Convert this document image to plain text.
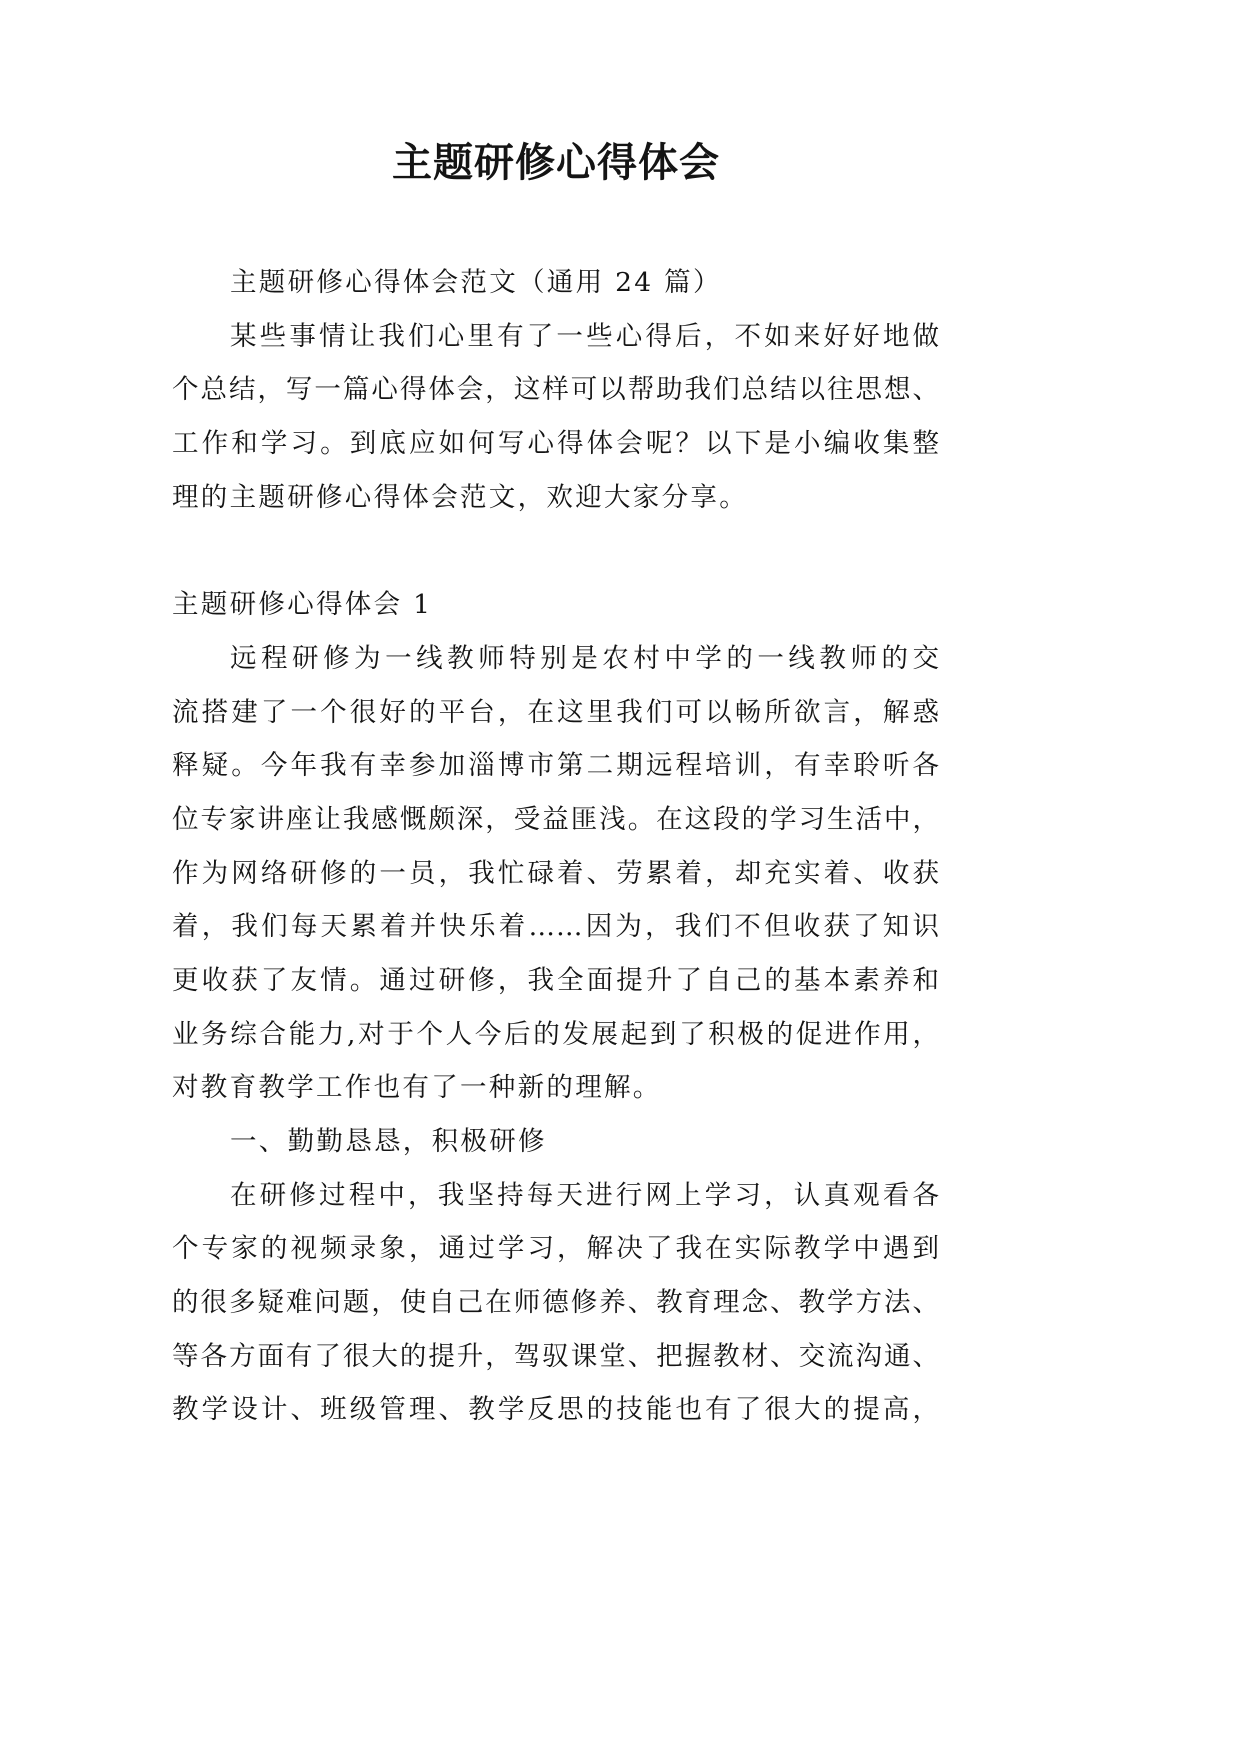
主题研修心得体会
主题研修心得体会范文（通用 24 篇）
某些事情让我们心里有了一些心得后，不如来好好地做
个总结，写一篇心得体会，这样可以帮助我们总结以往思想、
工作和学习。到底应如何写心得体会呢？以下是小编收集整
理的主题研修心得体会范文，欢迎大家分享。
主题研修心得体会 1
远程研修为一线教师特别是农村中学的一线教师的交
流搭建了一个很好的平台，在这里我们可以畅所欲言，解惑
释疑。今年我有幸参加淄博市第二期远程培训，有幸聆听各
位专家讲座让我感慨颇深，受益匪浅。在这段的学习生活中，
作为网络研修的一员，我忙碌着、劳累着，却充实着、收获
着，我们每天累着并快乐着……因为，我们不但收获了知识
更收获了友情。通过研修，我全面提升了自己的基本素养和
业务综合能力,对于个人今后的发展起到了积极的促进作用，
对教育教学工作也有了一种新的理解。
一、勤勤恳恳，积极研修
在研修过程中，我坚持每天进行网上学习，认真观看各
个专家的视频录象，通过学习，解决了我在实际教学中遇到
的很多疑难问题，使自己在师德修养、教育理念、教学方法、
等各方面有了很大的提升，驾驭课堂、把握教材、交流沟通、
教学设计、班级管理、教学反思的技能也有了很大的提高，
